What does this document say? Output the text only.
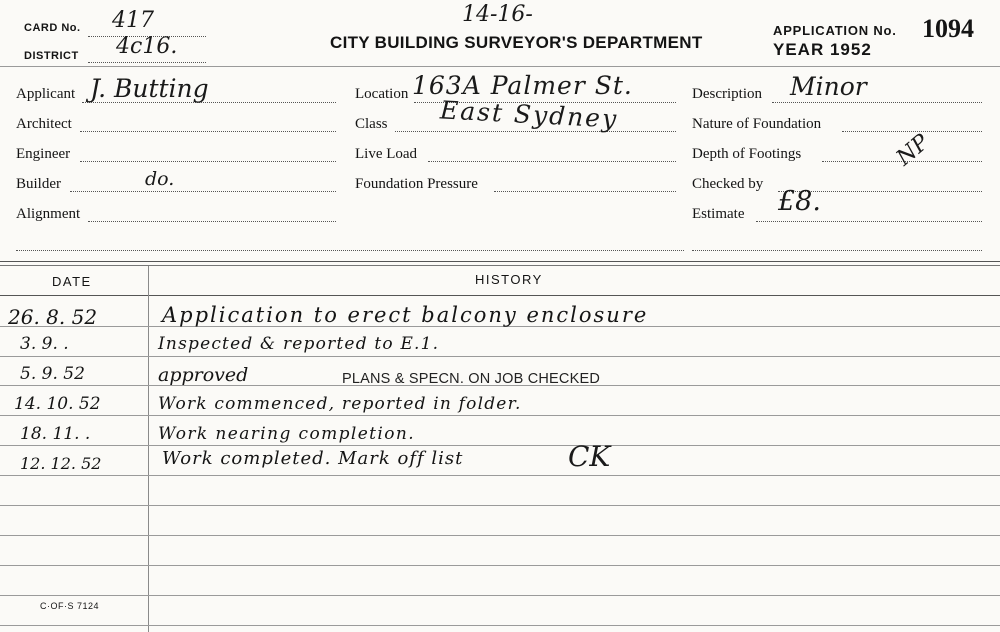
CARD No. 417
DISTRICT 4c16.
14-16-
CITY BUILDING SURVEYOR'S DEPARTMENT
APPLICATION No. 1094
YEAR 1952
Applicant J. Butting
Architect
Engineer
Builder	do.
Alignment
Location 163A Palmer St.
Class East Sydney
Live Load
Foundation Pressure
Description Minor
Nature of Foundation
Depth of Footings	NP
Checked by
Estimate £8.
DATE	HISTORY
26. 8. 52	Application to erect balcony enclosure
3. 9. .	Inspected & reported to E.1.
5. 9. 52	approved	PLANS & SPECN. ON JOB CHECKED
14. 10. 52	Work commenced, reported in folder.
18. 11. .	Work nearing completion.
12. 12. 52	Work completed. Mark off list	CK
C·OF·S 7124
